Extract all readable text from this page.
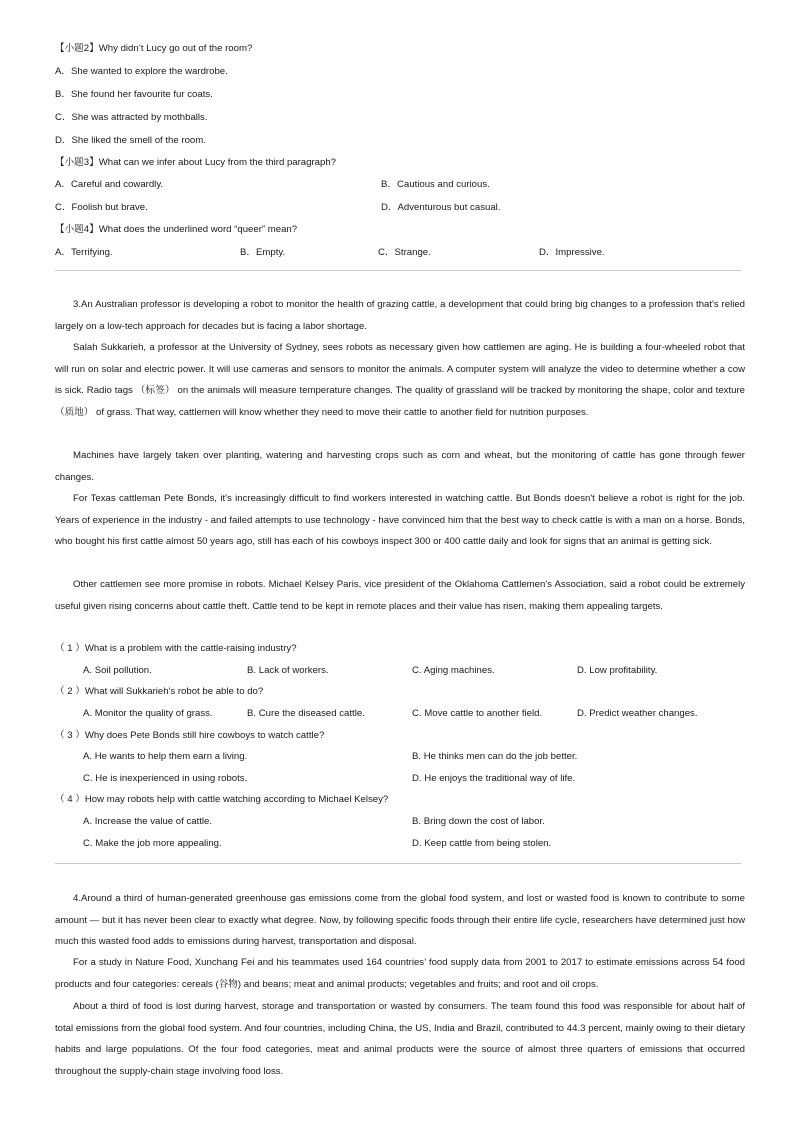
【小题2】Why didn’t Lucy go out of the room?
A．She wanted to explore the wardrobe.
B．She found her favourite fur coats.
C．She was attracted by mothballs.
D．She liked the smell of the room.
【小题3】What can we infer about Lucy from the third paragraph?
A．Careful and cowardly.	B．Cautious and curious.
C．Foolish but brave.	D．Adventurous but casual.
【小题4】What does the underlined word “queer” mean?
A．Terrifying.	B．Empty.	C．Strange.	D．Impressive.
3.An Australian professor is developing a robot to monitor the health of grazing cattle, a development that could bring big changes to a profession that's relied largely on a low-tech approach for decades but is facing a labor shortage.
Salah Sukkarieh, a professor at the University of Sydney, sees robots as necessary given how cattlemen are aging. He is building a four-wheeled robot that will run on solar and electric power. It will use cameras and sensors to monitor the animals. A computer system will analyze the video to determine whether a cow is sick. Radio tags （标签） on the animals will measure temperature changes. The quality of grassland will be tracked by monitoring the shape, color and texture （质地） of grass. That way, cattlemen will know whether they need to move their cattle to another field for nutrition purposes.
Machines have largely taken over planting, watering and harvesting crops such as corn and wheat, but the monitoring of cattle has gone through fewer changes.
For Texas cattleman Pete Bonds, it's increasingly difficult to find workers interested in watching cattle. But Bonds doesn't believe a robot is right for the job. Years of experience in the industry - and failed attempts to use technology - have convinced him that the best way to check cattle is with a man on a horse. Bonds, who bought his first cattle almost 50 years ago, still has each of his cowboys inspect 300 or 400 cattle daily and look for signs that an animal is getting sick.
Other cattlemen see more promise in robots. Michael Kelsey Paris, vice president of the Oklahoma Cattlemen's Association, said a robot could be extremely useful given rising concerns about cattle theft. Cattle tend to be kept in remote places and their value has risen, making them appealing targets.
（ 1 ）What is a problem with the cattle-raising industry?
A. Soil pollution.	B. Lack of workers.	C. Aging machines.	D. Low profitability.
（ 2 ）What will Sukkarieh's robot be able to do?
A. Monitor the quality of grass.	B. Cure the diseased cattle.	C. Move cattle to another field.	D. Predict weather changes.
（ 3 ）Why does Pete Bonds still hire cowboys to watch cattle?
A. He wants to help them earn a living.	B. He thinks men can do the job better.
C. He is inexperienced in using robots.	D. He enjoys the traditional way of life.
（ 4 ）How may robots help with cattle watching according to Michael Kelsey?
A. Increase the value of cattle.	B. Bring down the cost of labor.
C. Make the job more appealing.	D. Keep cattle from being stolen.
4.Around a third of human-generated greenhouse gas emissions come from the global food system, and lost or wasted food is known to contribute to some amount — but it has never been clear to exactly what degree. Now, by following specific foods through their entire life cycle, researchers have determined just how much this wasted food adds to emissions during harvest, transportation and disposal.
For a study in Nature Food, Xunchang Fei and his teammates used 164 countries’ food supply data from 2001 to 2017 to estimate emissions across 54 food products and four categories: cereals (谷物) and beans; meat and animal products; vegetables and fruits; and root and oil crops.
About a third of food is lost during harvest, storage and transportation or wasted by consumers. The team found this food was responsible for about half of total emissions from the global food system. And four countries, including China, the US, India and Brazil, contributed to 44.3 percent, mainly owing to their dietary habits and large populations. Of the four food categories, meat and animal products were the source of almost three quarters of emissions that occurred throughout the supply-chain stage involving food loss.
